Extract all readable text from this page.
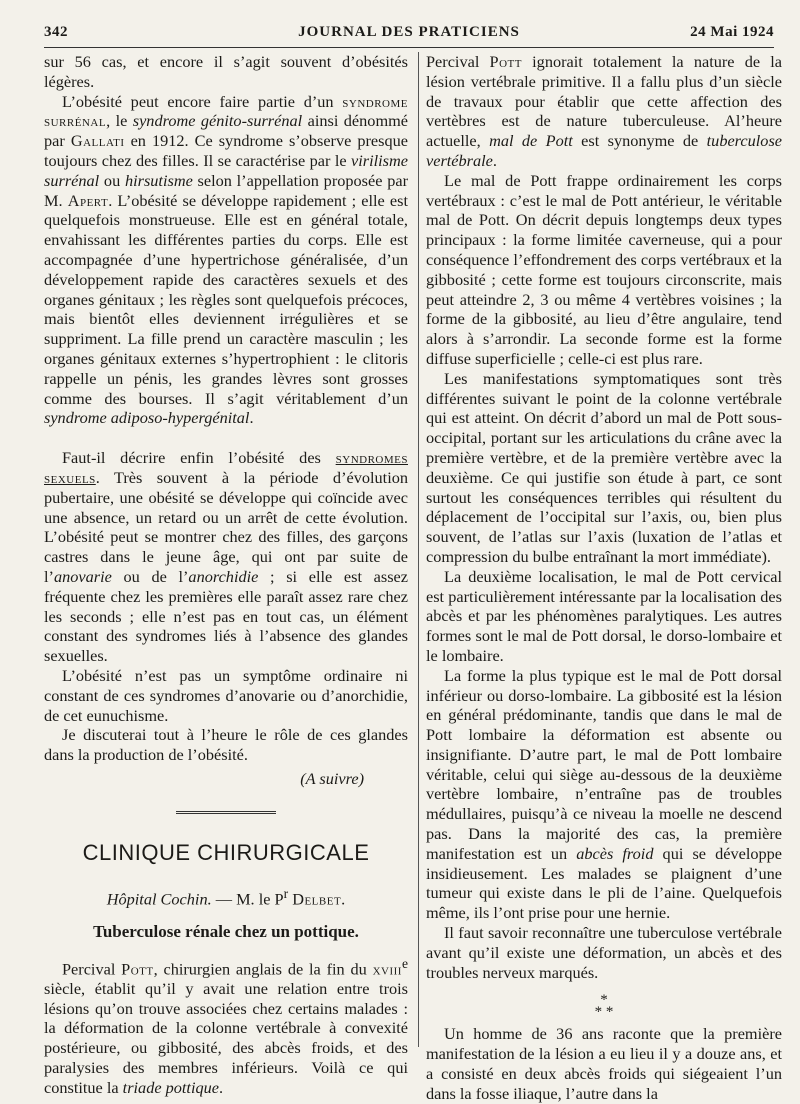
342	JOURNAL DES PRATICIENS	24 Mai 1924

sur 56 cas, et encore il s’agit souvent d’obésités légères.

L’obésité peut encore faire partie d’un syndrome surrénal, le syndrome génito-surrénal ainsi dénommé par Gallati en 1912. Ce syndrome s’observe presque toujours chez des filles. Il se caractérise par le virilisme surrénal ou hirsutisme selon l’appellation proposée par M. Apert. L’obésité se développe rapidement ; elle est quelquefois monstrueuse. Elle est en général totale, envahissant les différentes parties du corps. Elle est accompagnée d’une hypertrichose généralisée, d’un développement rapide des caractères sexuels et des organes génitaux ; les règles sont quelquefois précoces, mais bientôt elles deviennent irrégulières et se suppriment. La fille prend un caractère masculin ; les organes génitaux externes s’hypertrophient : le clitoris rappelle un pénis, les grandes lèvres sont grosses comme des bourses. Il s’agit véritablement d’un syndrome adiposo-hypergénital.

Faut-il décrire enfin l’obésité des syndromes sexuels. Très souvent à la période d’évolution pubertaire, une obésité se développe qui coïncide avec une absence, un retard ou un arrêt de cette évolution. L’obésité peut se montrer chez des filles, des garçons castres dans le jeune âge, qui ont par suite de l’anovarie ou de l’anorchidie ; si elle est assez fréquente chez les premières elle paraît assez rare chez les seconds ; elle n’est pas en tout cas, un élément constant des syndromes liés à l’absence des glandes sexuelles.

L’obésité n’est pas un symptôme ordinaire ni constant de ces syndromes d’anovarie ou d’anorchidie, de cet eunuchisme.

Je discuterai tout à l’heure le rôle de ces glandes dans la production de l’obésité.

(A suivre)
CLINIQUE CHIRURGICALE
Hôpital Cochin. — M. le $P^r$ Delbet.
Tuberculose rénale chez un pottique.

Percival Pott, chirurgien anglais de la fin du xviii$^e$ siècle, établit qu’il y avait une relation entre trois lésions qu’on trouve associées chez certains malades : la déformation de la colonne vertébrale à convexité postérieure, ou gibbosité, des abcès froids, et des paralysies des membres inférieurs. Voilà ce qui constitue la triade pottique.

Percival Pott ignorait totalement la nature de la lésion vertébrale primitive. Il a fallu plus d’un siècle de travaux pour établir que cette affection des vertèbres est de nature tuberculeuse. Al’heure actuelle, mal de Pott est synonyme de tuberculose vertébrale.

Le mal de Pott frappe ordinairement les corps vertébraux : c’est le mal de Pott antérieur, le véritable mal de Pott. On décrit depuis longtemps deux types principaux : la forme limitée caverneuse, qui a pour conséquence l’effondrement des corps vertébraux et la gibbosité ; cette forme est toujours circonscrite, mais peut atteindre 2, 3 ou même 4 vertèbres voisines ; la forme de la gibbosité, au lieu d’être angulaire, tend alors à s’arrondir. La seconde forme est la forme diffuse superficielle ; celle-ci est plus rare.

Les manifestations symptomatiques sont très différentes suivant le point de la colonne vertébrale qui est atteint. On décrit d’abord un mal de Pott sous-occipital, portant sur les articulations du crâne avec la première vertèbre, et de la première vertèbre avec la deuxième. Ce qui justifie son étude à part, ce sont surtout les conséquences terribles qui résultent du déplacement de l’occipital sur l’axis, ou, bien plus souvent, de l’atlas sur l’axis (luxation de l’atlas et compression du bulbe entraînant la mort immédiate).

La deuxième localisation, le mal de Pott cervical est particulièrement intéressante par la localisation des abcès et par les phénomènes paralytiques. Les autres formes sont le mal de Pott dorsal, le dorso-lombaire et le lombaire.

La forme la plus typique est le mal de Pott dorsal inférieur ou dorso-lombaire. La gibbosité est la lésion en général prédominante, tandis que dans le mal de Pott lombaire la déformation est absente ou insignifiante. D’autre part, le mal de Pott lombaire véritable, celui qui siège au-dessous de la deuxième vertèbre lombaire, n’entraîne pas de troubles médullaires, puisqu’à ce niveau la moelle ne descend pas. Dans la majorité des cas, la première manifestation est un abcès froid qui se développe insidieusement. Les malades se plaignent d’une tumeur qui existe dans le pli de l’aine. Quelquefois même, ils l’ont prise pour une hernie.

Il faut savoir reconnaître une tuberculose vertébrale avant qu’il existe une déformation, un abcès et des troubles nerveux marqués.

*
* *

Un homme de 36 ans raconte que la première manifestation de la lésion a eu lieu il y a douze ans, et a consisté en deux abcès froids qui siégeaient l’un dans la fosse iliaque, l’autre dans la
